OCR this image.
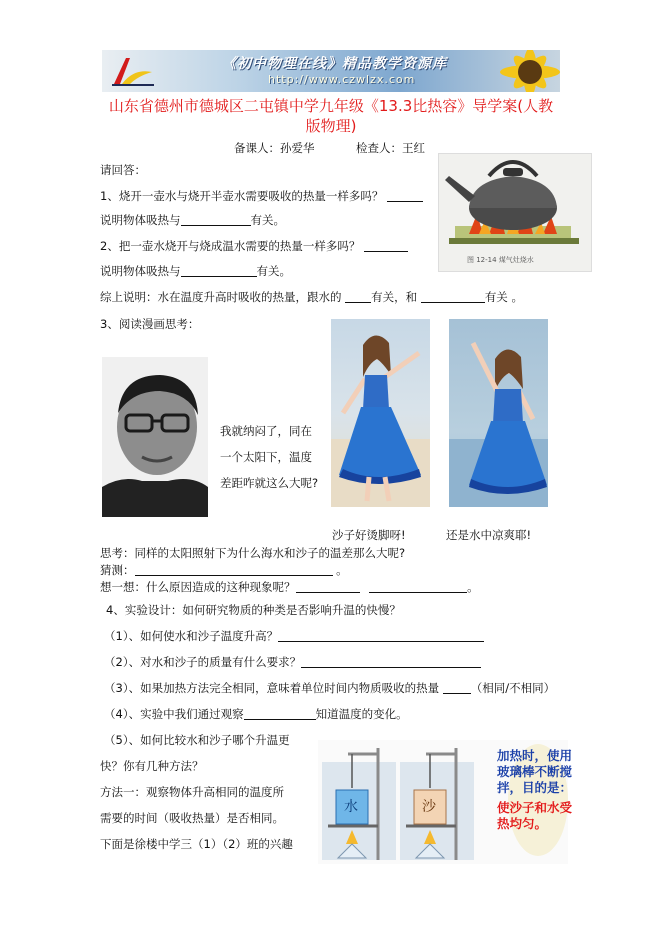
《初中物理在线》精品教学资源库
http://www.czwlzx.com
山东省德州市德城区二屯镇中学九年级《13.3比热容》导学案(人教
版物理)
备课人：孙爱华	检查人：王红
请回答：
1、烧开一壶水与烧开半壶水需要吸收的热量一样多吗？
说明物体吸热与	有关。
2、把一壶水烧开与烧成温水需要的热量一样多吗？
说明物体吸热与	有关。
综上说明：水在温度升高时吸收的热量，跟水的	有关，和	有关 。
3、阅读漫画思考：
图 12-14 煤气灶烧水
我就纳闷了，同在
一个太阳下，温度
差距咋就这么大呢?
沙子好烫脚呀!	还是水中凉爽耶!
思考：同样的太阳照射下为什么海水和沙子的温差那么大呢?
猜测：	。
想一想：什么原因造成的这种现象呢？	。
4、实验设计：如何研究物质的种类是否影响升温的快慢？
（1）、如何使水和沙子温度升高？
（2）、对水和沙子的质量有什么要求？
（3）、如果加热方法完全相同，意味着单位时间内物质吸收的热量	（相同/不相同）
（4）、实验中我们通过观察	知道温度的变化。
（5）、如何比较水和沙子哪个升温更
快？你有几种方法？
方法一：观察物体升高相同的温度所
需要的时间（吸收热量）是否相同。
下面是徐楼中学三（1）（2）班的兴趣
水	沙
加热时，使用玻璃棒不断搅拌，目的是：
使沙子和水受热均匀。
